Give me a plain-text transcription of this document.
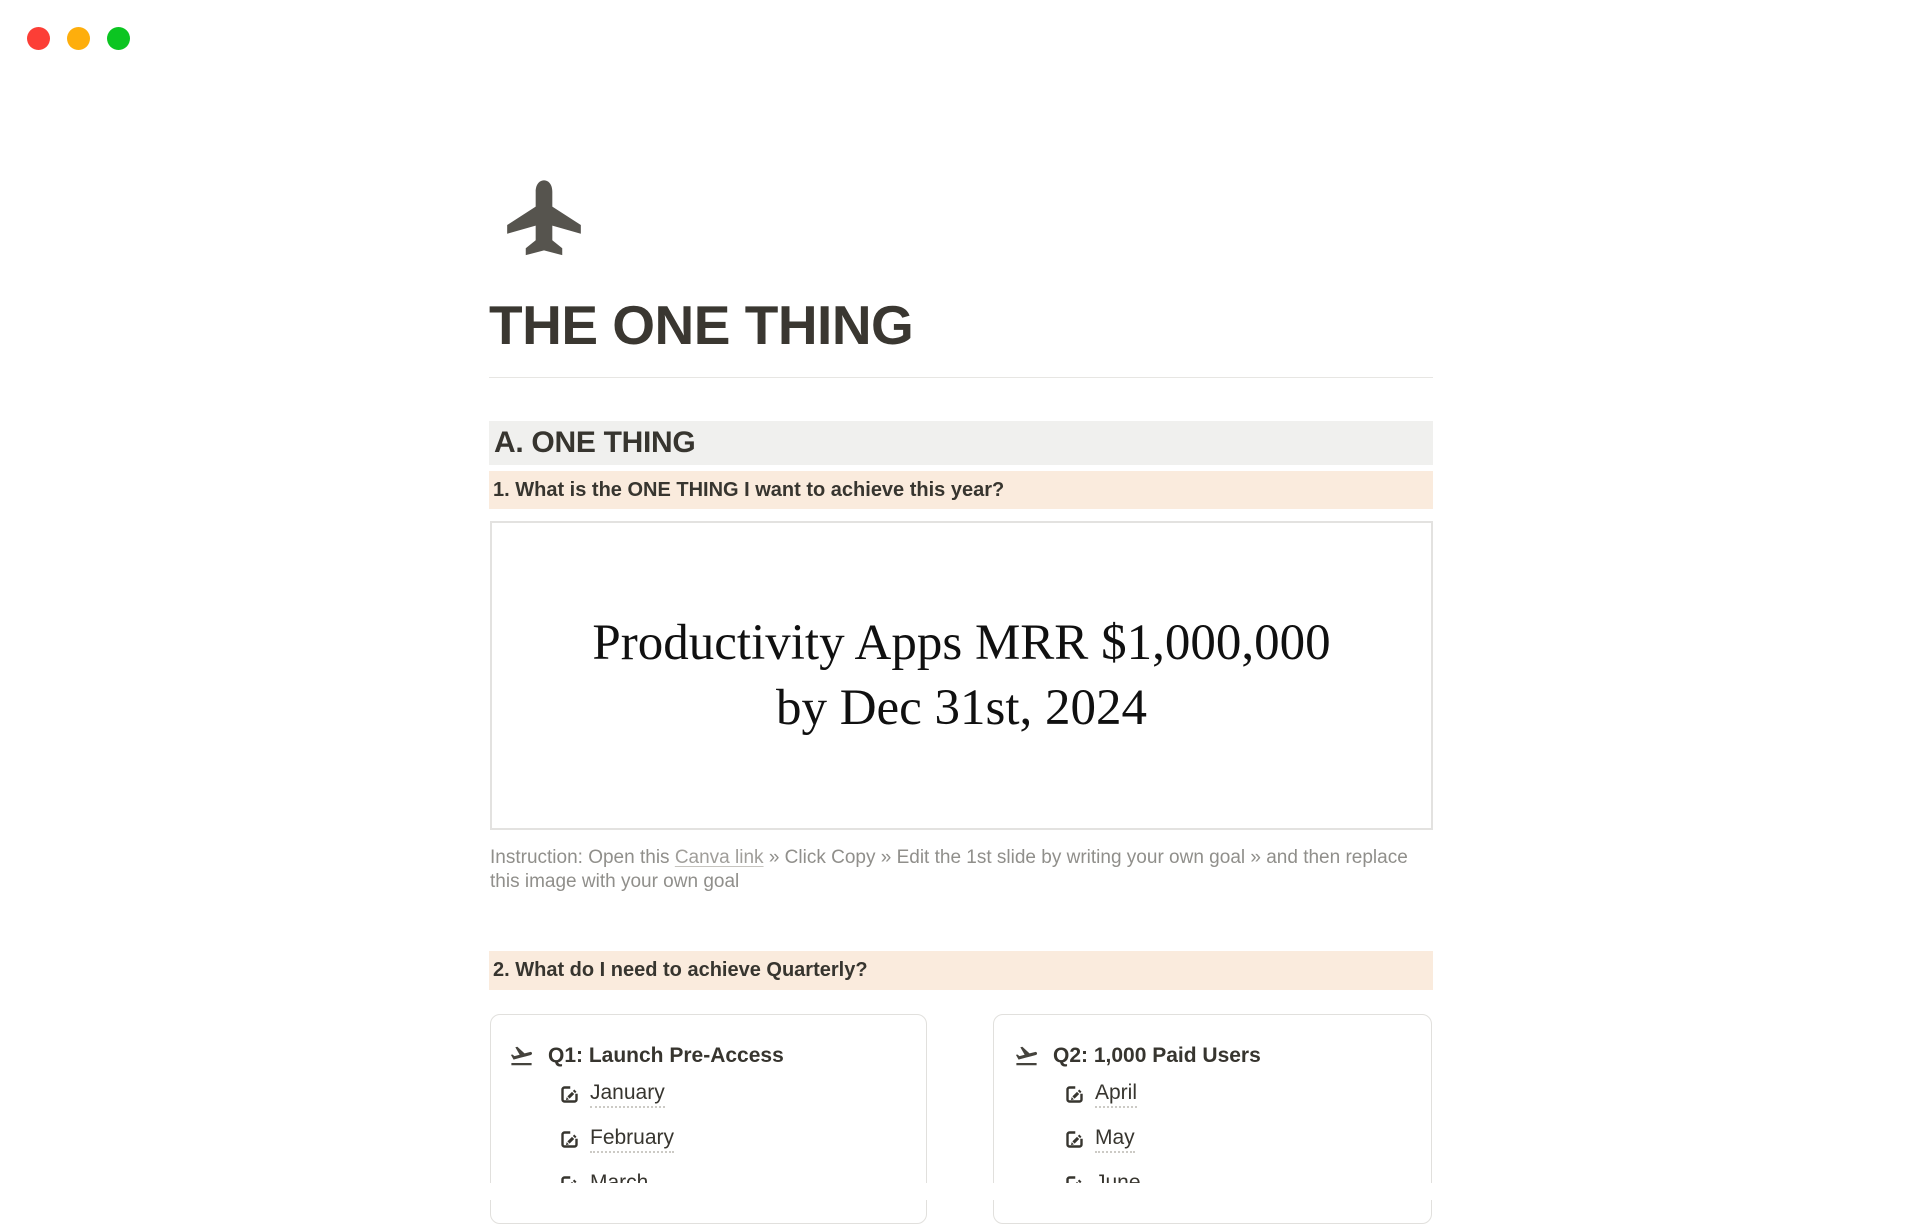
THE ONE THING
A. ONE THING
1. What is the ONE THING I want to achieve this year?
Productivity Apps MRR $1,000,000
by Dec 31st, 2024
Instruction: Open this Canva link » Click Copy » Edit the 1st slide by writing your own goal » and then replace
this image with your own goal
2. What do I need to achieve Quarterly?
Q1: Launch Pre-Access
January
February
Q2: 1,000 Paid Users
April
May
